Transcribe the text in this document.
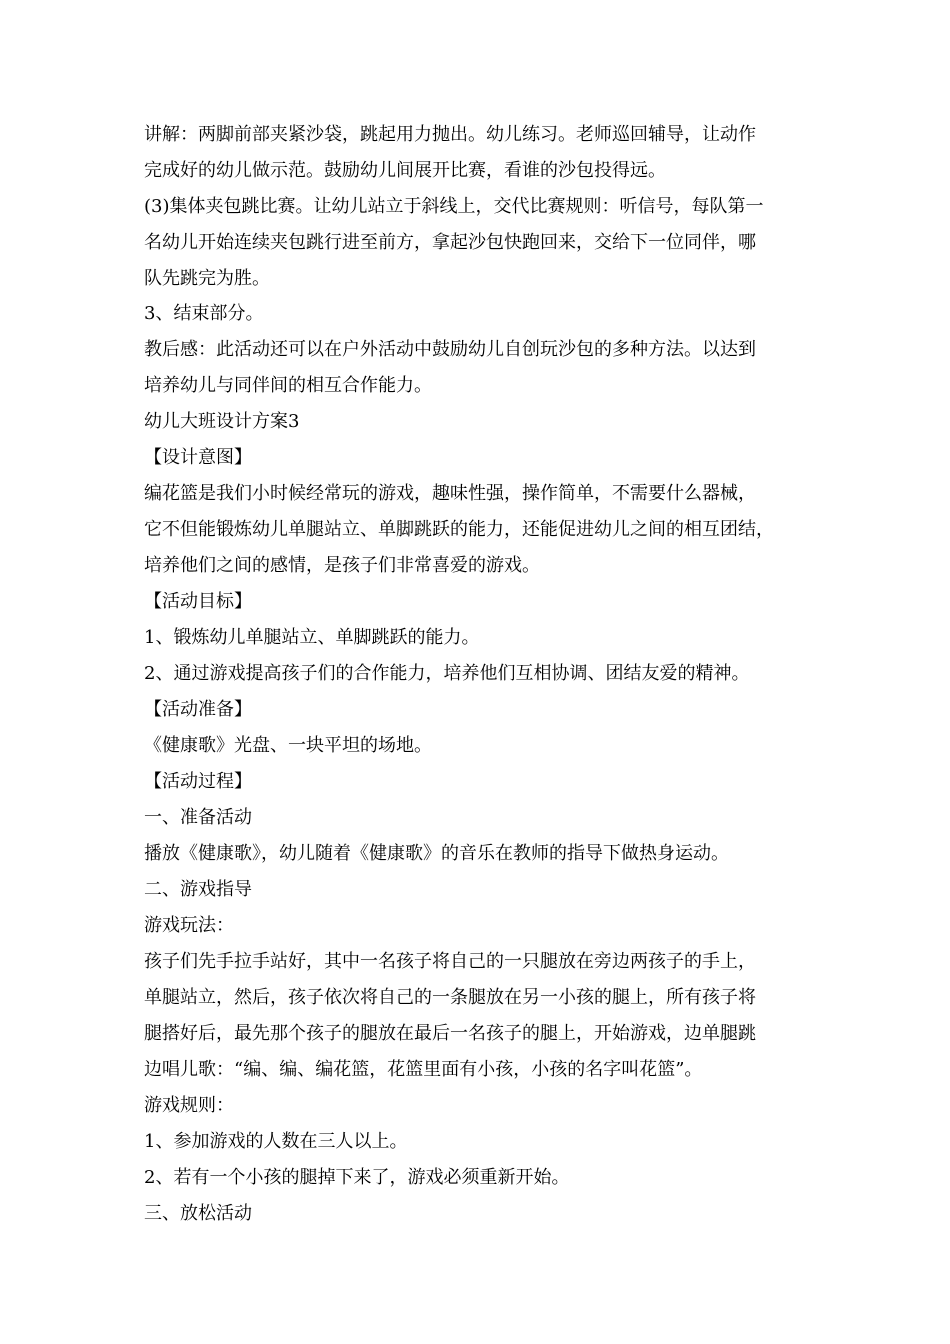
讲解：两脚前部夹紧沙袋，跳起用力抛出。幼儿练习。老师巡回辅导，让动作

完成好的幼儿做示范。鼓励幼儿间展开比赛，看谁的沙包投得远。

(3)集体夹包跳比赛。让幼儿站立于斜线上，交代比赛规则：听信号，每队第一

名幼儿开始连续夹包跳行进至前方，拿起沙包快跑回来，交给下一位同伴，哪

队先跳完为胜。

3、结束部分。

教后感：此活动还可以在户外活动中鼓励幼儿自创玩沙包的多种方法。以达到

培养幼儿与同伴间的相互合作能力。

幼儿大班设计方案3

【设计意图】

编花篮是我们小时候经常玩的游戏，趣味性强，操作简单，不需要什么器械，

它不但能锻炼幼儿单腿站立、单脚跳跃的能力，还能促进幼儿之间的相互团结，

培养他们之间的感情，是孩子们非常喜爱的游戏。

【活动目标】

1、锻炼幼儿单腿站立、单脚跳跃的能力。

2、通过游戏提高孩子们的合作能力，培养他们互相协调、团结友爱的精神。

【活动准备】

《健康歌》光盘、一块平坦的场地。

【活动过程】

一、准备活动

播放《健康歌》，幼儿随着《健康歌》的音乐在教师的指导下做热身运动。

二、游戏指导

游戏玩法：

孩子们先手拉手站好，其中一名孩子将自己的一只腿放在旁边两孩子的手上，

单腿站立，然后，孩子依次将自己的一条腿放在另一小孩的腿上，所有孩子将

腿搭好后，最先那个孩子的腿放在最后一名孩子的腿上，开始游戏，边单腿跳

边唱儿歌：“编、编、编花篮，花篮里面有小孩，小孩的名字叫花篮”。

游戏规则：

1、参加游戏的人数在三人以上。

2、若有一个小孩的腿掉下来了，游戏必须重新开始。

三、放松活动
